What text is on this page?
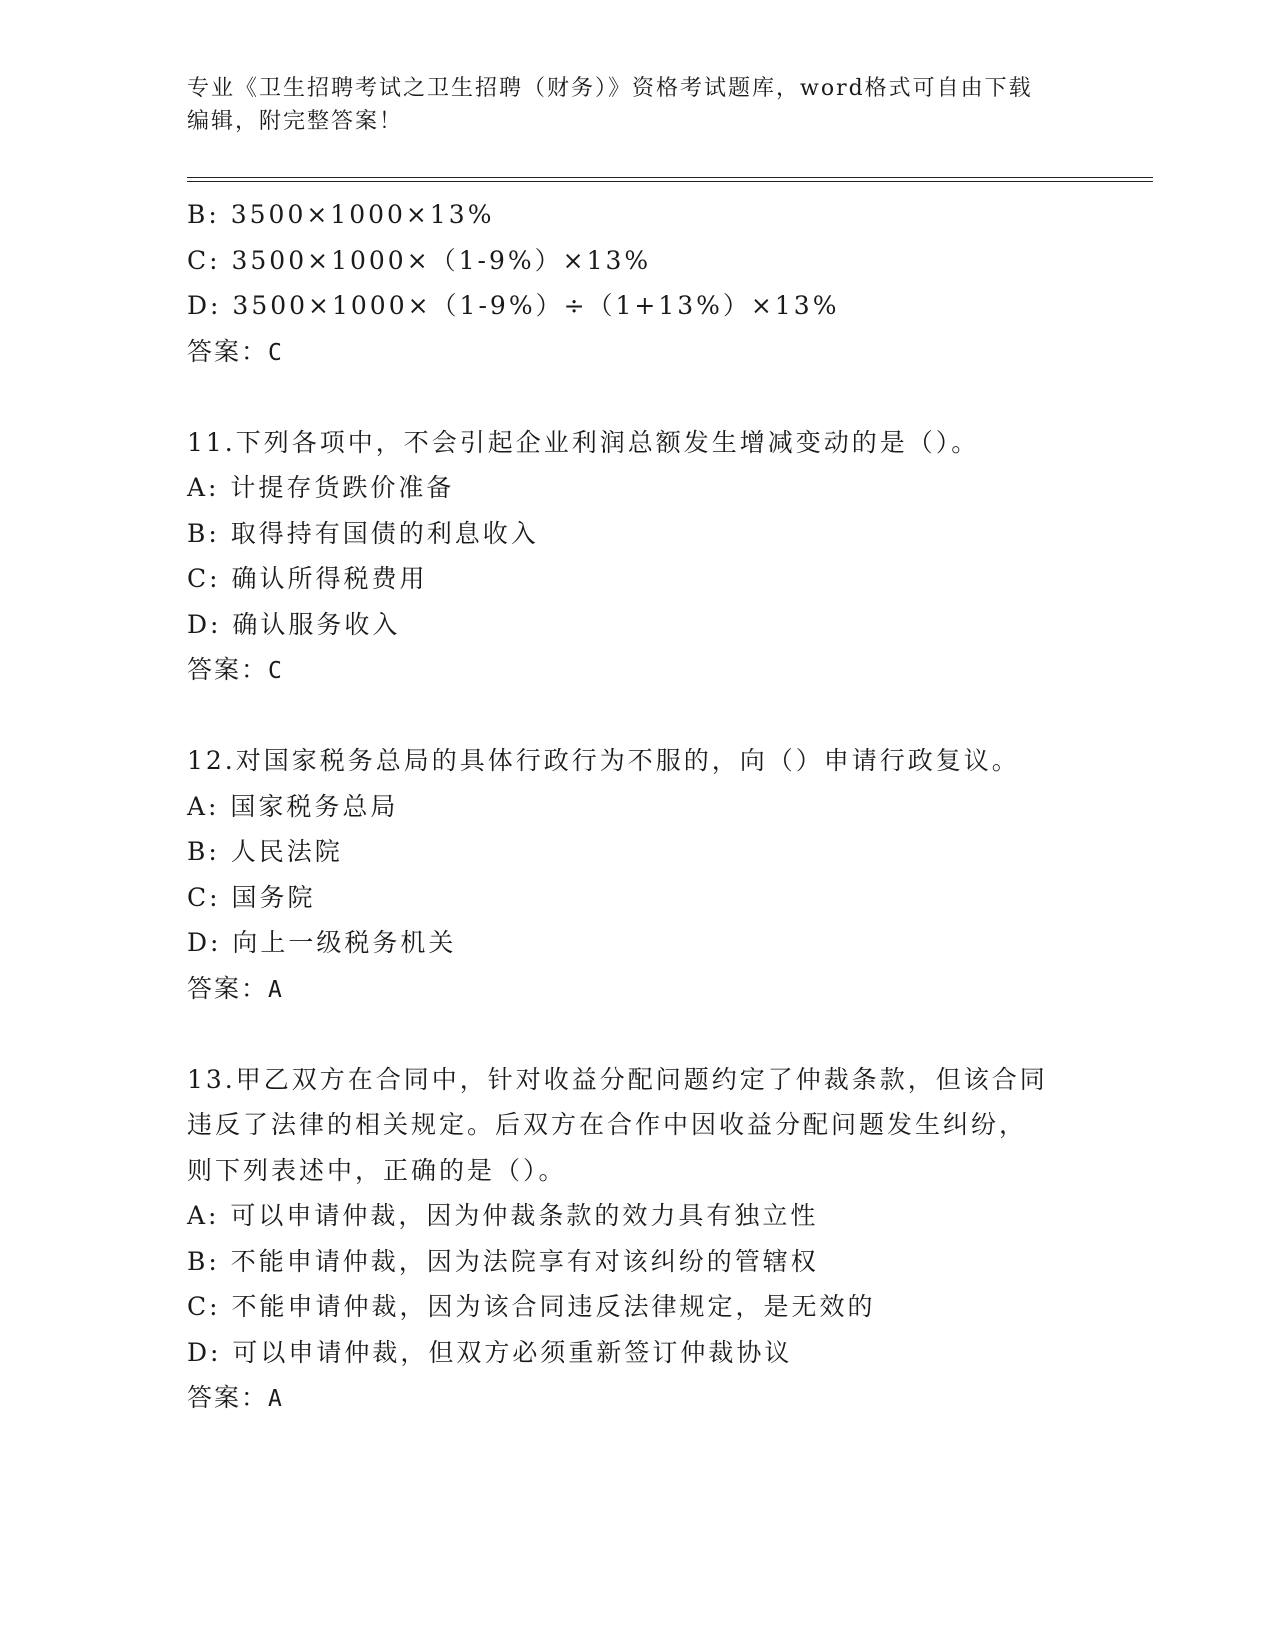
专业《卫生招聘考试之卫生招聘（财务）》资格考试题库，word格式可自由下载
编辑，附完整答案！
B: 3500×1000×13%
C: 3500×1000×（1-9%）×13%
D: 3500×1000×（1-9%）÷（1+13%）×13%
答案：C
11.下列各项中，不会引起企业利润总额发生增减变动的是（）。
A: 计提存货跌价准备
B: 取得持有国债的利息收入
C: 确认所得税费用
D: 确认服务收入
答案：C
12.对国家税务总局的具体行政行为不服的，向（）申请行政复议。
A: 国家税务总局
B: 人民法院
C: 国务院
D: 向上一级税务机关
答案：A
13.甲乙双方在合同中，针对收益分配问题约定了仲裁条款，但该合同
违反了法律的相关规定。后双方在合作中因收益分配问题发生纠纷，
则下列表述中，正确的是（）。
A: 可以申请仲裁，因为仲裁条款的效力具有独立性
B: 不能申请仲裁，因为法院享有对该纠纷的管辖权
C: 不能申请仲裁，因为该合同违反法律规定，是无效的
D: 可以申请仲裁，但双方必须重新签订仲裁协议
答案：A
